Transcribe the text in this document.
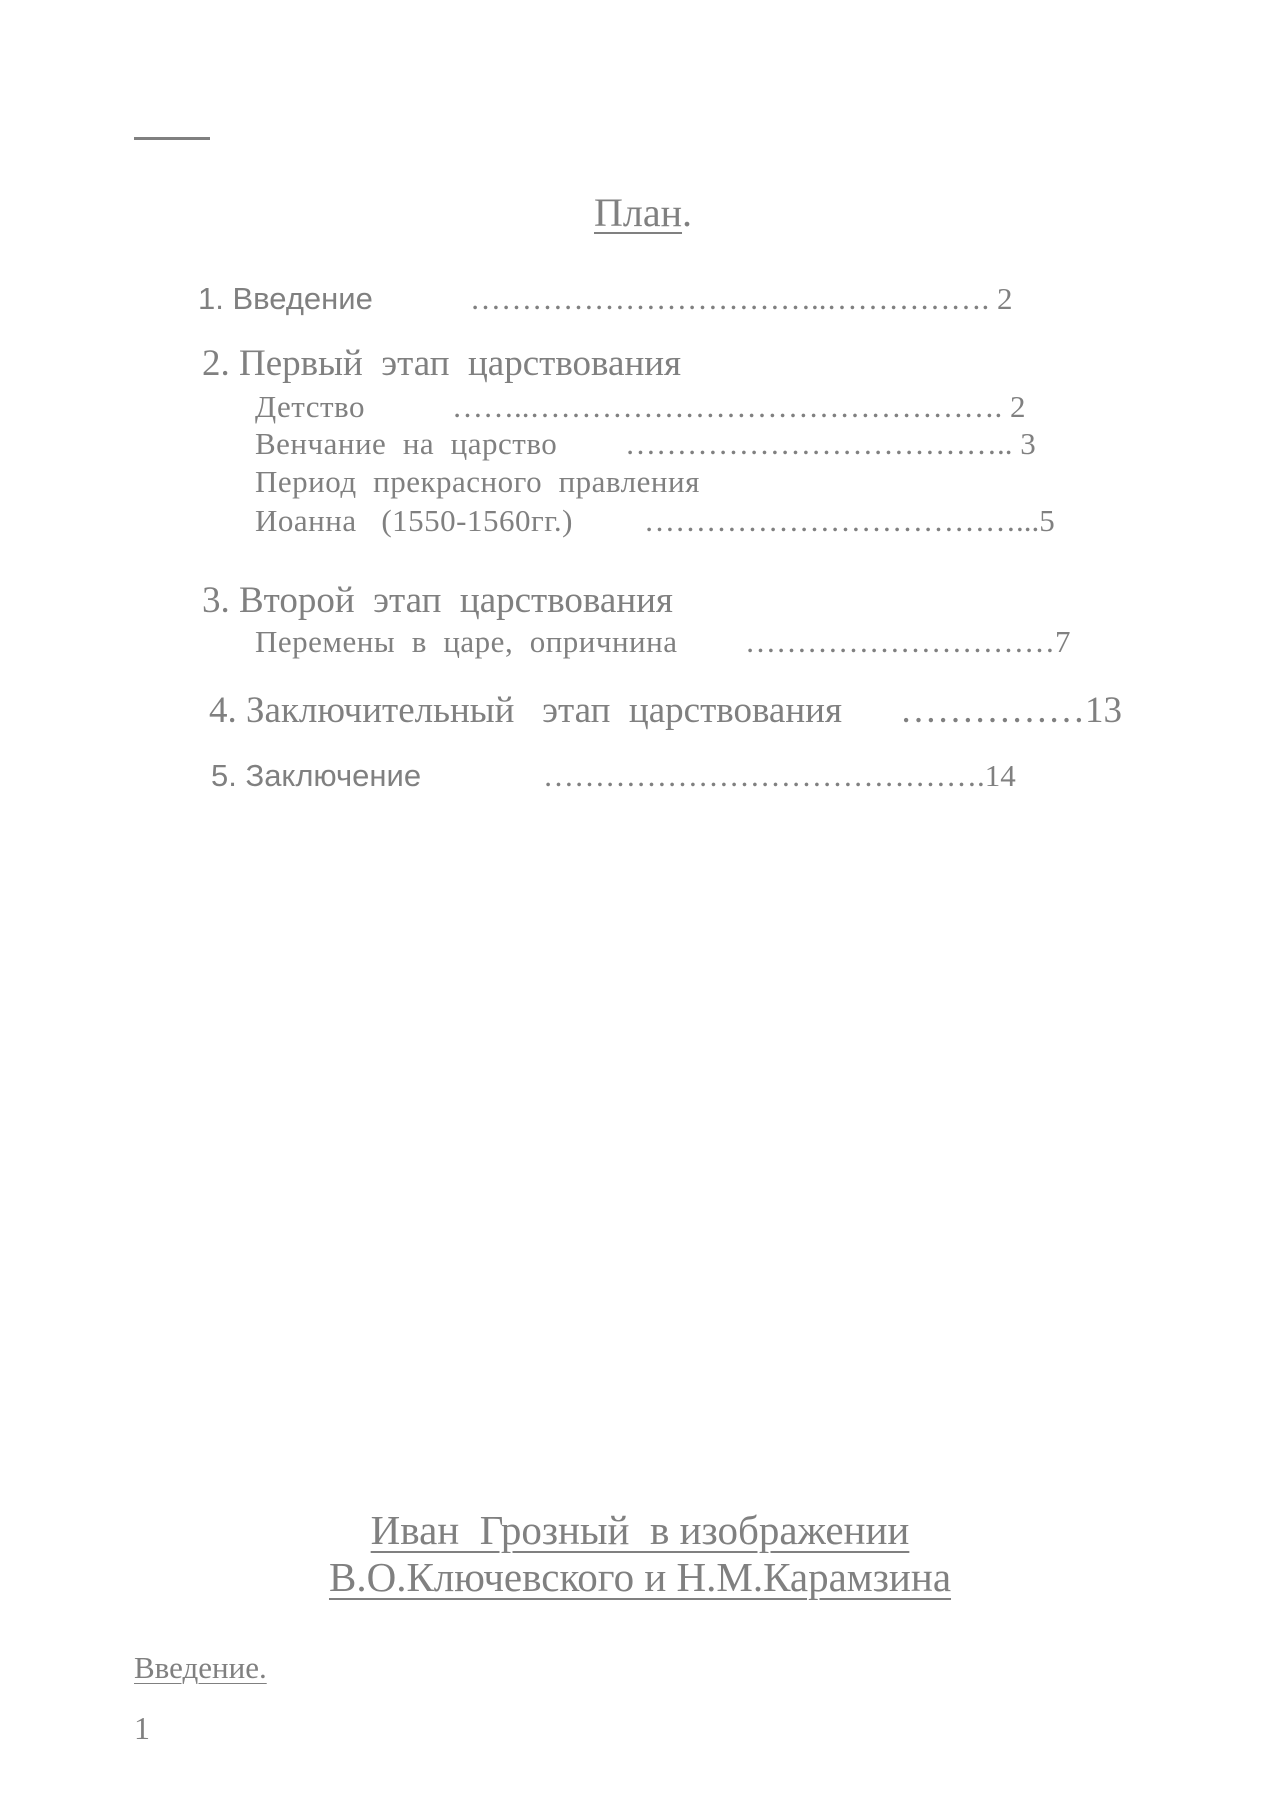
План.
1. Введение	……………………………..……………. 2
2. Первый  этап  царствования
Детство	……..………………………………………. 2
Венчание  на  царство ……………………………….. 3
Период  прекрасного  правления
Иоанна   (1550-1560гг.) ………………………………...5
3. Второй  этап  царствования
Перемены  в  царе,  опричнина …………………………7
4. Заключительный   этап  царствования ……………13
5. Заключение	…………………………………….14
Иван  Грозный  в изображении
В.О.Ключевского и Н.М.Карамзина
Введение.
1
